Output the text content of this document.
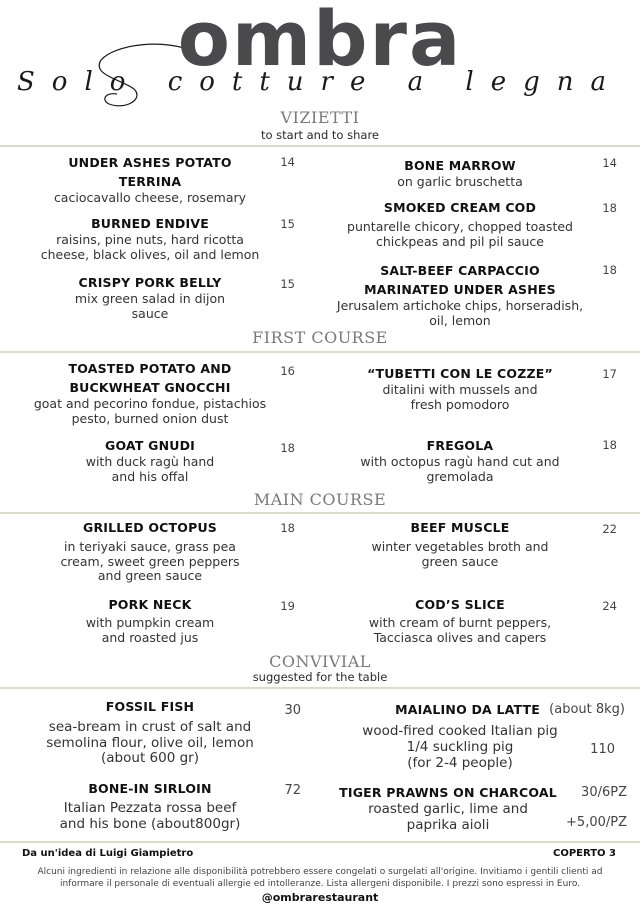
ombra
Solo cotture a legna
VIZIETTI
to start and to share
UNDER ASHES POTATO
TERRINA
caciocavallo cheese, rosemary
14
BURNED ENDIVE
raisins, pine nuts, hard ricotta
cheese, black olives, oil and lemon
15
CRISPY PORK BELLY
mix green salad in dijon
sauce
15
BONE MARROW
on garlic bruschetta
14
SMOKED CREAM COD
puntarelle chicory, chopped toasted
chickpeas and pil pil sauce
18
SALT-BEEF CARPACCIO
MARINATED UNDER ASHES
Jerusalem artichoke chips, horseradish,
oil, lemon
18
FIRST COURSE
TOASTED POTATO AND
BUCKWHEAT GNOCCHI
goat and pecorino fondue, pistachios
pesto, burned onion dust
16
GOAT GNUDI
with duck ragù hand
and his offal
18
“TUBETTI CON LE COZZE”
ditalini with mussels and
fresh pomodoro
17
FREGOLA
with octopus ragù hand cut and
gremolada
18
MAIN COURSE
GRILLED OCTOPUS
in teriyaki sauce, grass pea
cream, sweet green peppers
and green sauce
18
PORK NECK
with pumpkin cream
and roasted jus
19
BEEF MUSCLE
winter vegetables broth and
green sauce
22
COD’S SLICE
with cream of burnt peppers,
Tacciasca olives and capers
24
CONVIVIAL
suggested for the table
FOSSIL FISH
sea-bream in crust of salt and
semolina flour, olive oil, lemon
(about 600 gr)
30
BONE-IN SIRLOIN
Italian Pezzata rossa beef
and his bone (about800gr)
72
MAIALINO DA LATTE (about 8kg)
wood-fired cooked Italian pig
1/4 suckling pig
(for 2-4 people)
110
TIGER PRAWNS ON CHARCOAL
roasted garlic, lime and
paprika aioli
30/6PZ
+5,00/PZ
Da un'idea di Luigi Giampietro	COPERTO 3
Alcuni ingredienti in relazione alle disponibilità potrebbero essere congelati o surgelati all'origine. Invitiamo i gentili clienti ad
informare il personale di eventuali allergie ed intolleranze. Lista allergeni disponibile. I prezzi sono espressi in Euro.
@ombrarestaurant
